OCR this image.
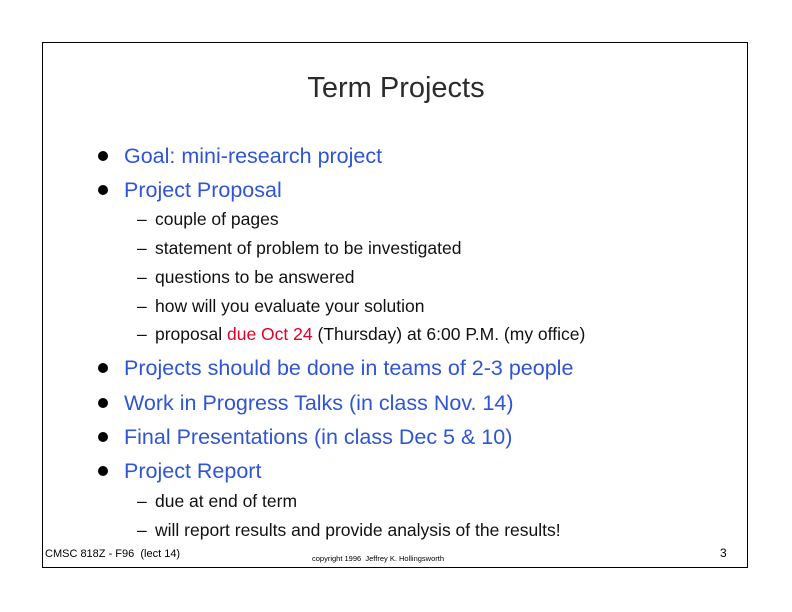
Term Projects
Goal: mini-research project
Project Proposal
– couple of pages
– statement of problem to be investigated
– questions to be answered
– how will you evaluate your solution
– proposal due Oct 24 (Thursday) at 6:00 P.M. (my office)
Projects should be done in teams of 2-3 people
Work in Progress Talks (in class Nov. 14)
Final Presentations (in class Dec 5 & 10)
Project Report
– due at end of term
– will report results and provide analysis of the results!
CMSC 818Z - F96  (lect 14)	copyright 1996  Jeffrey K. Hollingsworth	3
